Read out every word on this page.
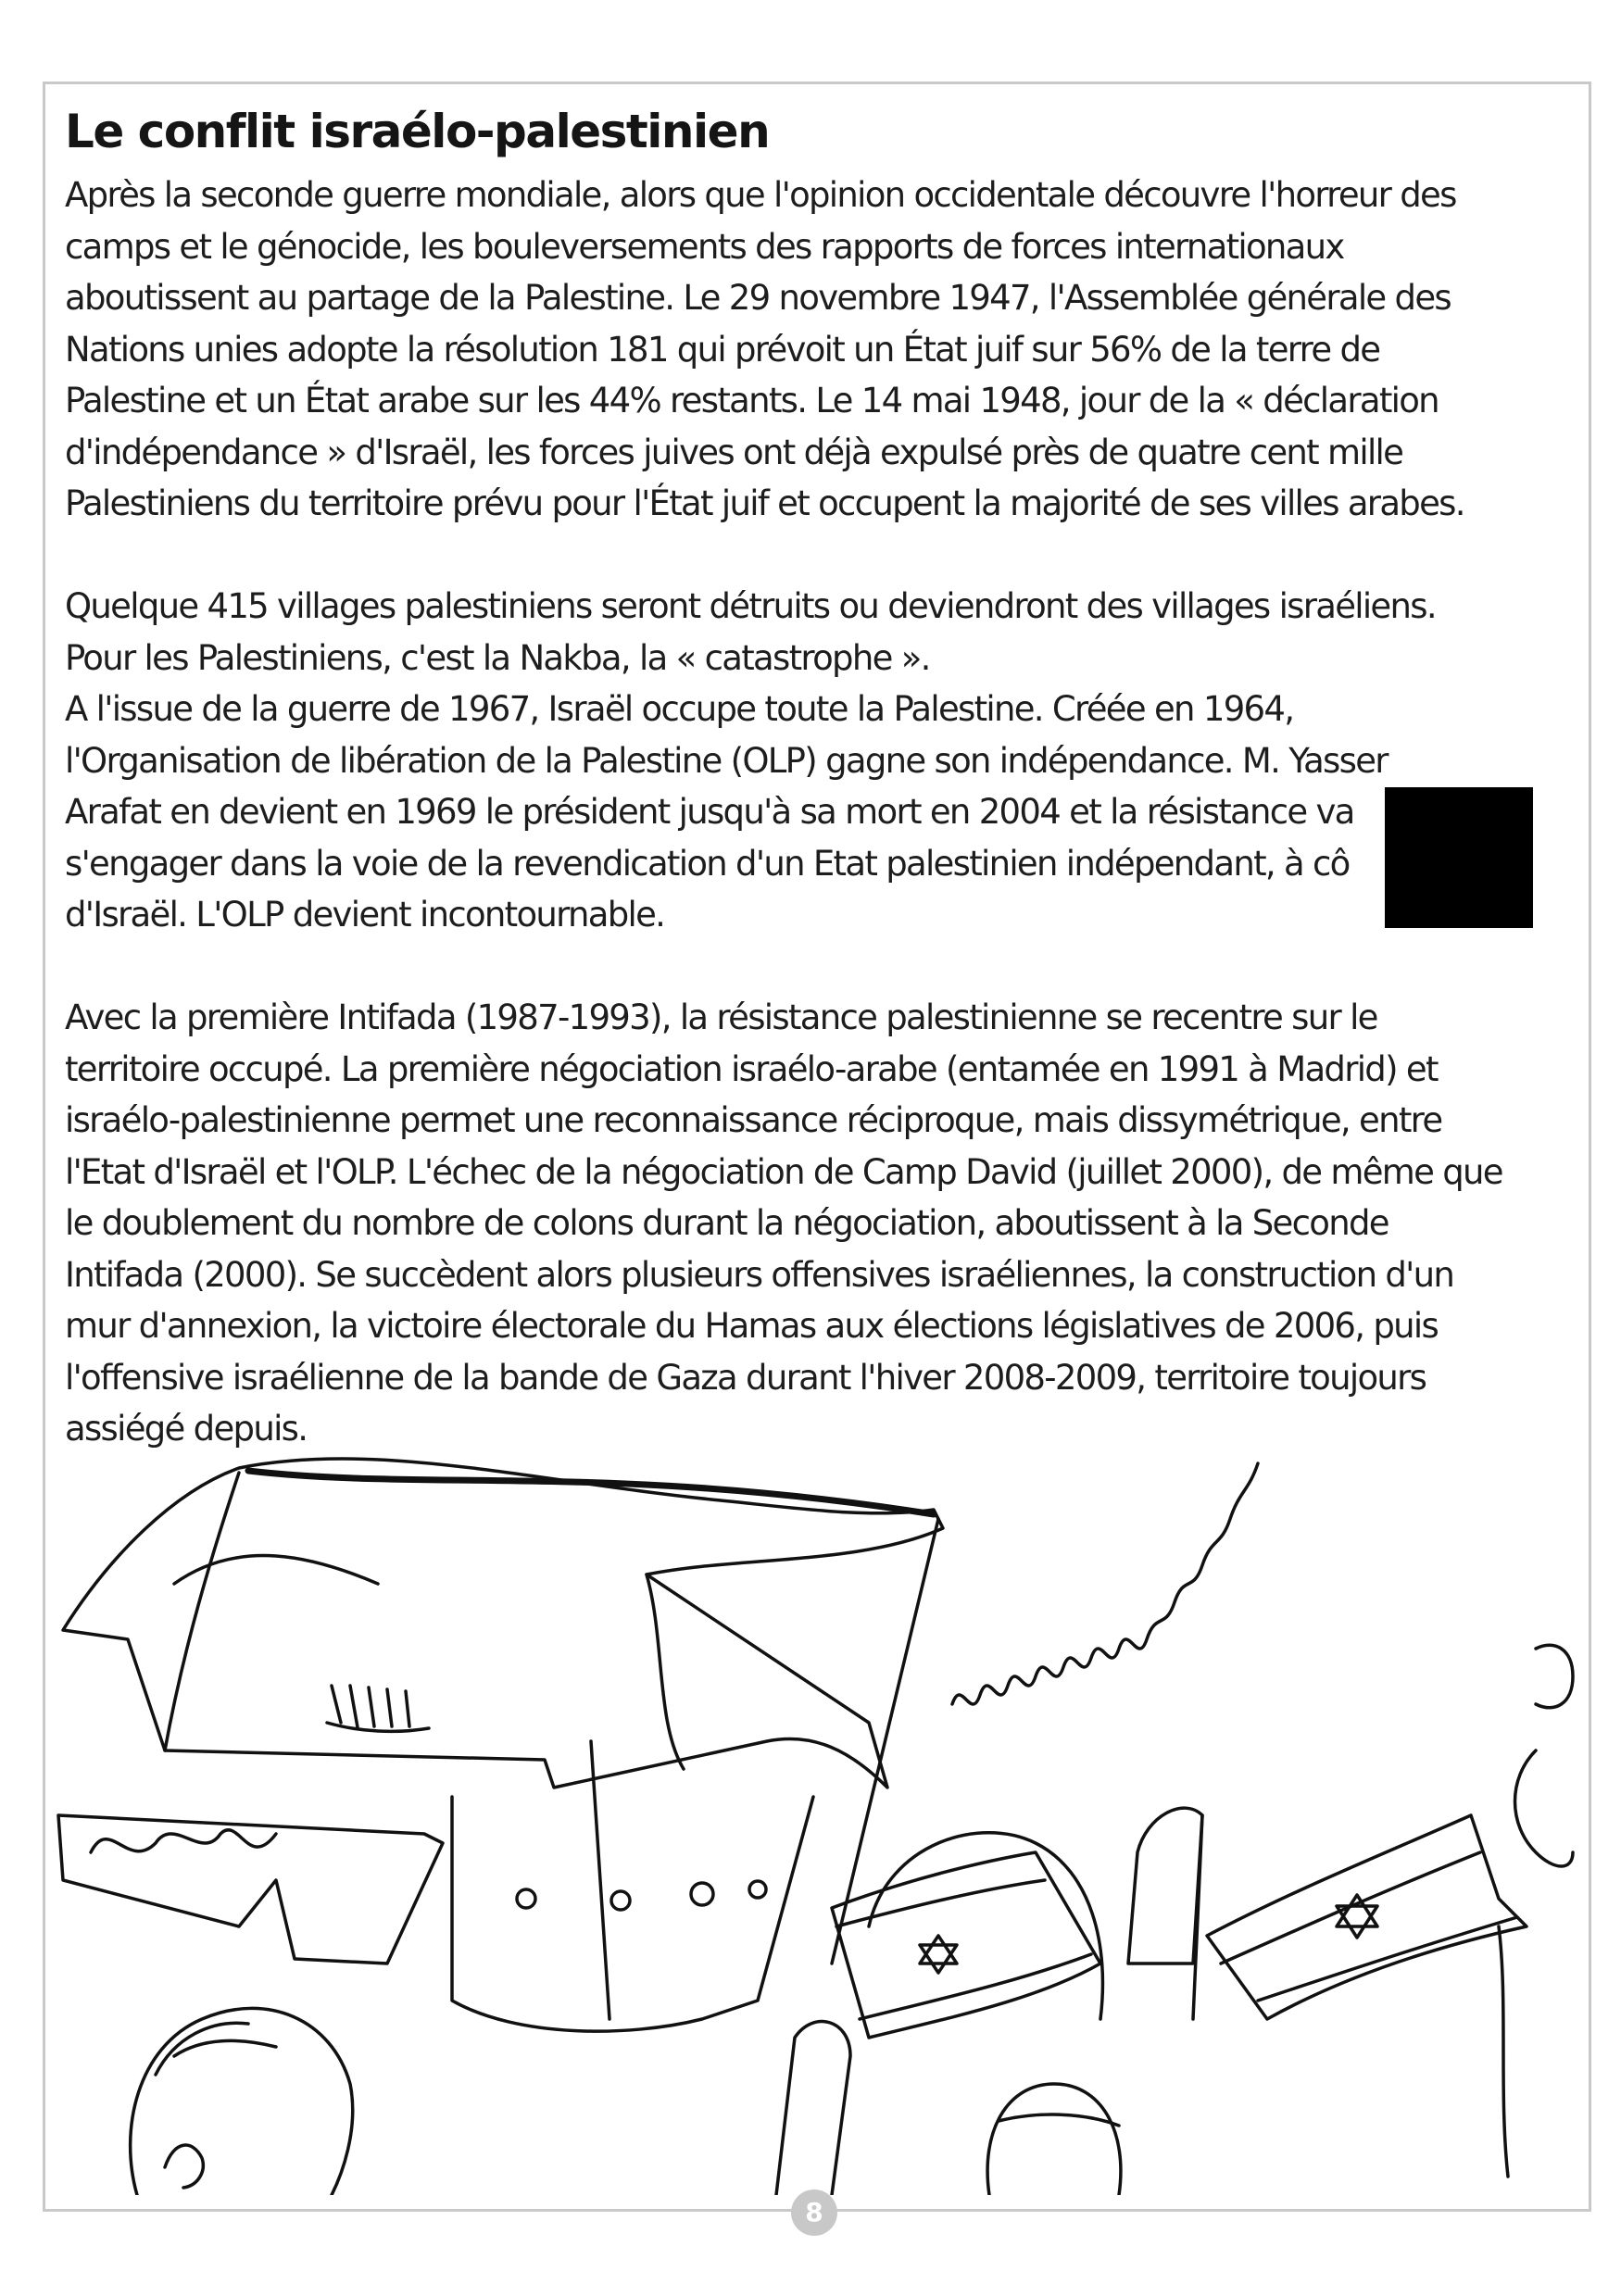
Le conflit israélo-palestinien

Après la seconde guerre mondiale, alors que l'opinion occidentale découvre l'horreur des
camps et le génocide, les bouleversements des rapports de forces internationaux
aboutissent au partage de la Palestine. Le 29 novembre 1947, l'Assemblée générale des
Nations unies adopte la résolution 181 qui prévoit un État juif sur 56% de la terre de
Palestine et un État arabe sur les 44% restants. Le 14 mai 1948, jour de la « déclaration
d'indépendance » d'Israël, les forces juives ont déjà expulsé près de quatre cent mille
Palestiniens du territoire prévu pour l'État juif et occupent la majorité de ses villes arabes.

Quelque 415 villages palestiniens seront détruits ou deviendront des villages israéliens.
Pour les Palestiniens, c'est la Nakba, la « catastrophe ».
A l'issue de la guerre de 1967, Israël occupe toute la Palestine. Créée en 1964,
l'Organisation de libération de la Palestine (OLP) gagne son indépendance. M. Yasser
Arafat en devient en 1969 le président jusqu'à sa mort en 2004 et la résistance va
s'engager dans la voie de la revendication d'un Etat palestinien indépendant, à cô
d'Israël. L'OLP devient incontournable.

Avec la première Intifada (1987-1993), la résistance palestinienne se recentre sur le
territoire occupé. La première négociation israélo-arabe (entamée en 1991 à Madrid) et
israélo-palestinienne permet une reconnaissance réciproque, mais dissymétrique, entre
l'Etat d'Israël et l'OLP. L'échec de la négociation de Camp David (juillet 2000), de même que
le doublement du nombre de colons durant la négociation, aboutissent à la Seconde
Intifada (2000). Se succèdent alors plusieurs offensives israéliennes, la construction d'un
mur d'annexion, la victoire électorale du Hamas aux élections législatives de 2006, puis
l'offensive israélienne de la bande de Gaza durant l'hiver 2008-2009, territoire toujours
assiégé depuis.

8
